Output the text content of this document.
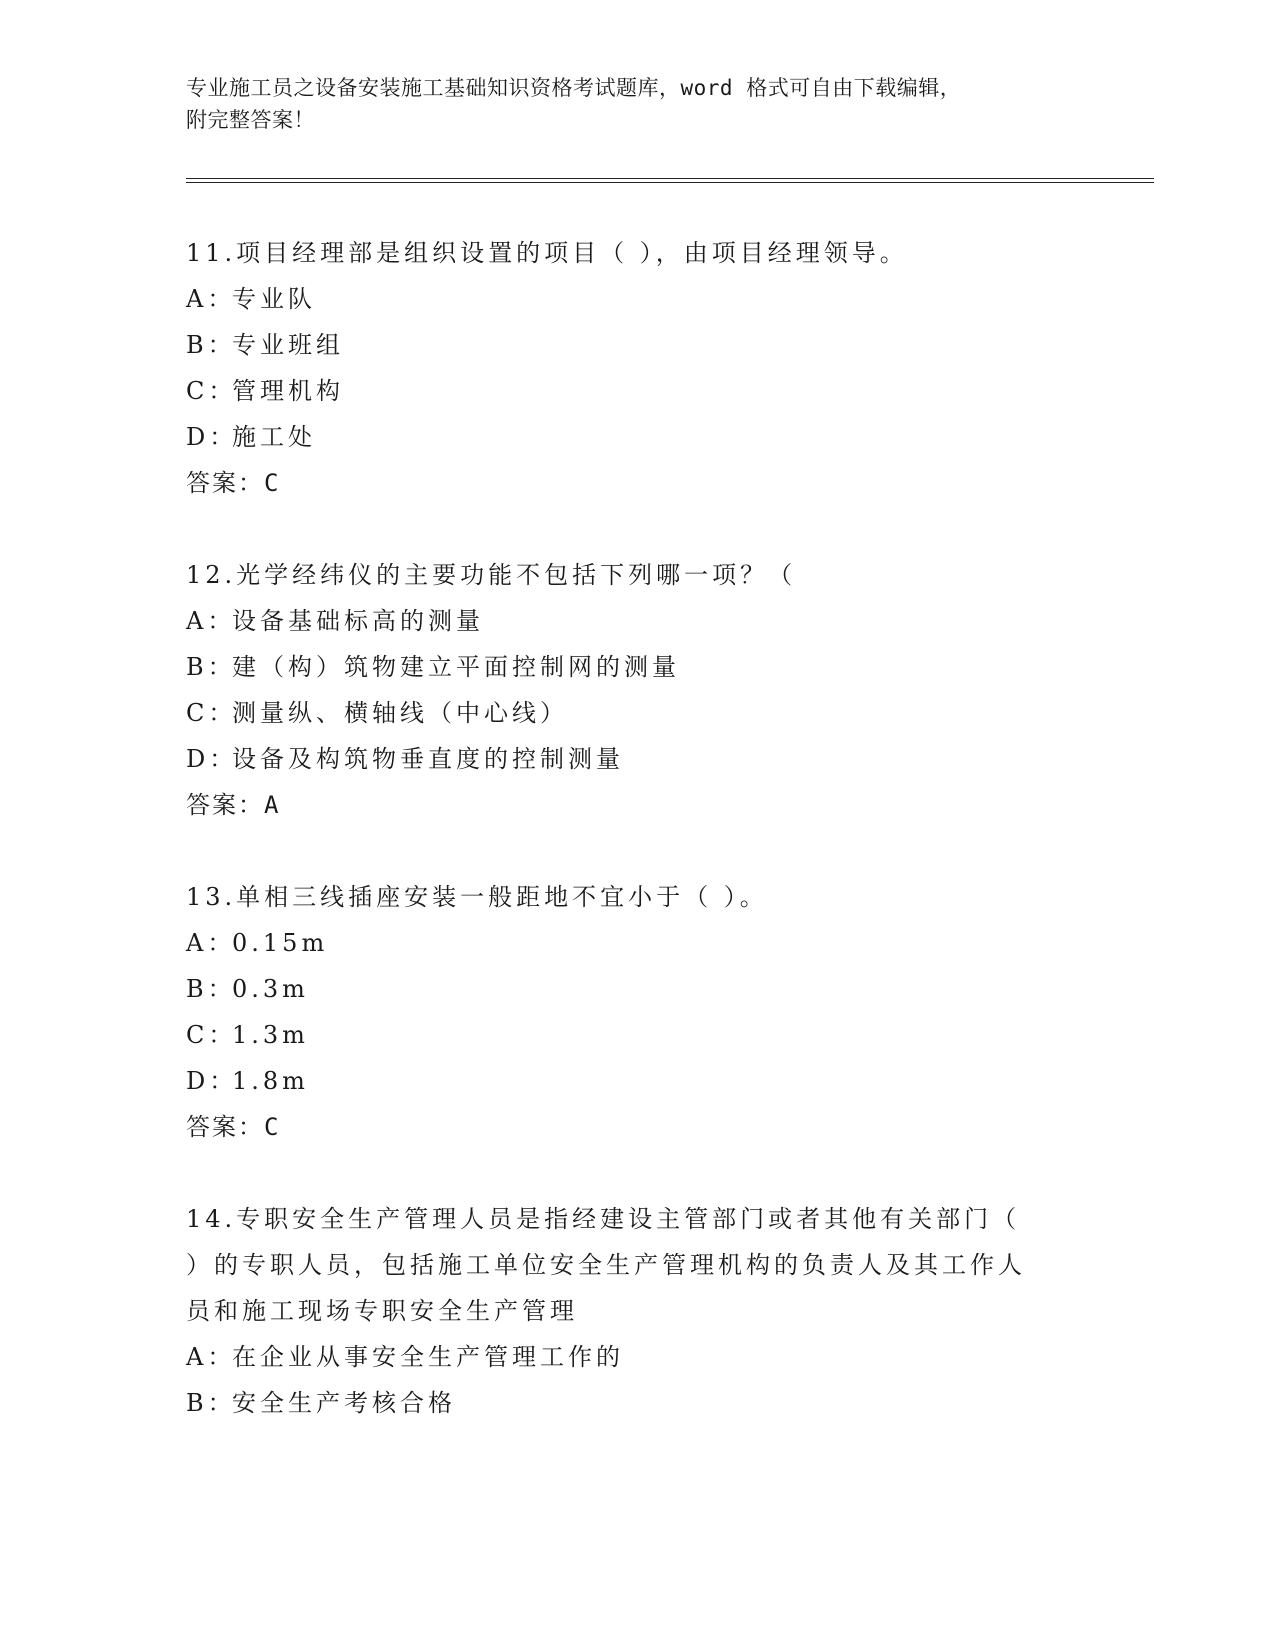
专业施工员之设备安装施工基础知识资格考试题库，word 格式可自由下载编辑，
附完整答案！
11.项目经理部是组织设置的项目（ ），由项目经理领导。
A：专业队
B：专业班组
C：管理机构
D：施工处
答案：C
12.光学经纬仪的主要功能不包括下列哪一项？（
A：设备基础标高的测量
B：建（构）筑物建立平面控制网的测量
C：测量纵、横轴线（中心线）
D：设备及构筑物垂直度的控制测量
答案：A
13.单相三线插座安装一般距地不宜小于（ ）。
A：0.15m
B：0.3m
C：1.3m
D：1.8m
答案：C
14.专职安全生产管理人员是指经建设主管部门或者其他有关部门（
）的专职人员，包括施工单位安全生产管理机构的负责人及其工作人
员和施工现场专职安全生产管理
A：在企业从事安全生产管理工作的
B：安全生产考核合格
